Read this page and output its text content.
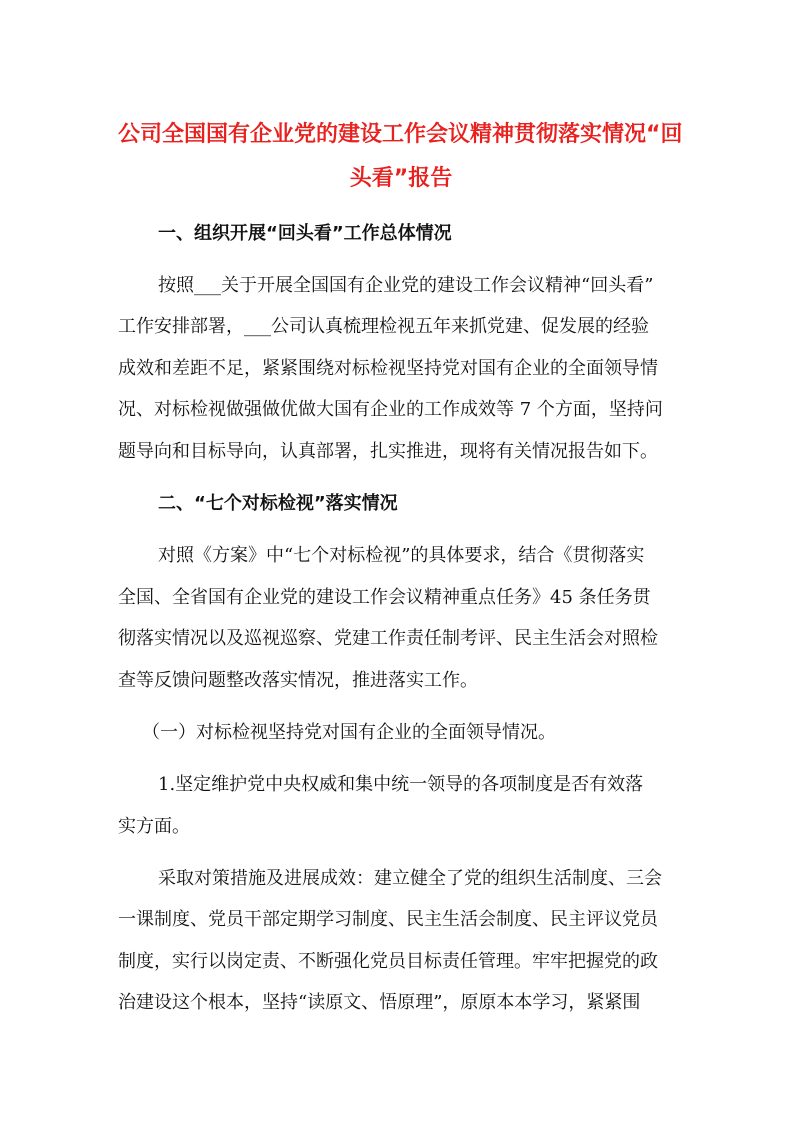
公司全国国有企业党的建设工作会议精神贯彻落实情况“回
头看”报告
一、组织开展“回头看”工作总体情况
按照___关于开展全国国有企业党的建设工作会议精神“回头看”
工作安排部署，___公司认真梳理检视五年来抓党建、促发展的经验
成效和差距不足，紧紧围绕对标检视坚持党对国有企业的全面领导情
况、对标检视做强做优做大国有企业的工作成效等 7 个方面，坚持问
题导向和目标导向，认真部署，扎实推进，现将有关情况报告如下。
二、“七个对标检视”落实情况
对照《方案》中“七个对标检视”的具体要求，结合《贯彻落实
全国、全省国有企业党的建设工作会议精神重点任务》45 条任务贯
彻落实情况以及巡视巡察、党建工作责任制考评、民主生活会对照检
查等反馈问题整改落实情况，推进落实工作。
（一）对标检视坚持党对国有企业的全面领导情况。
1.坚定维护党中央权威和集中统一领导的各项制度是否有效落
实方面。
采取对策措施及进展成效：建立健全了党的组织生活制度、三会
一课制度、党员干部定期学习制度、民主生活会制度、民主评议党员
制度，实行以岗定责、不断强化党员目标责任管理。牢牢把握党的政
治建设这个根本，坚持“读原文、悟原理”，原原本本学习，紧紧围
